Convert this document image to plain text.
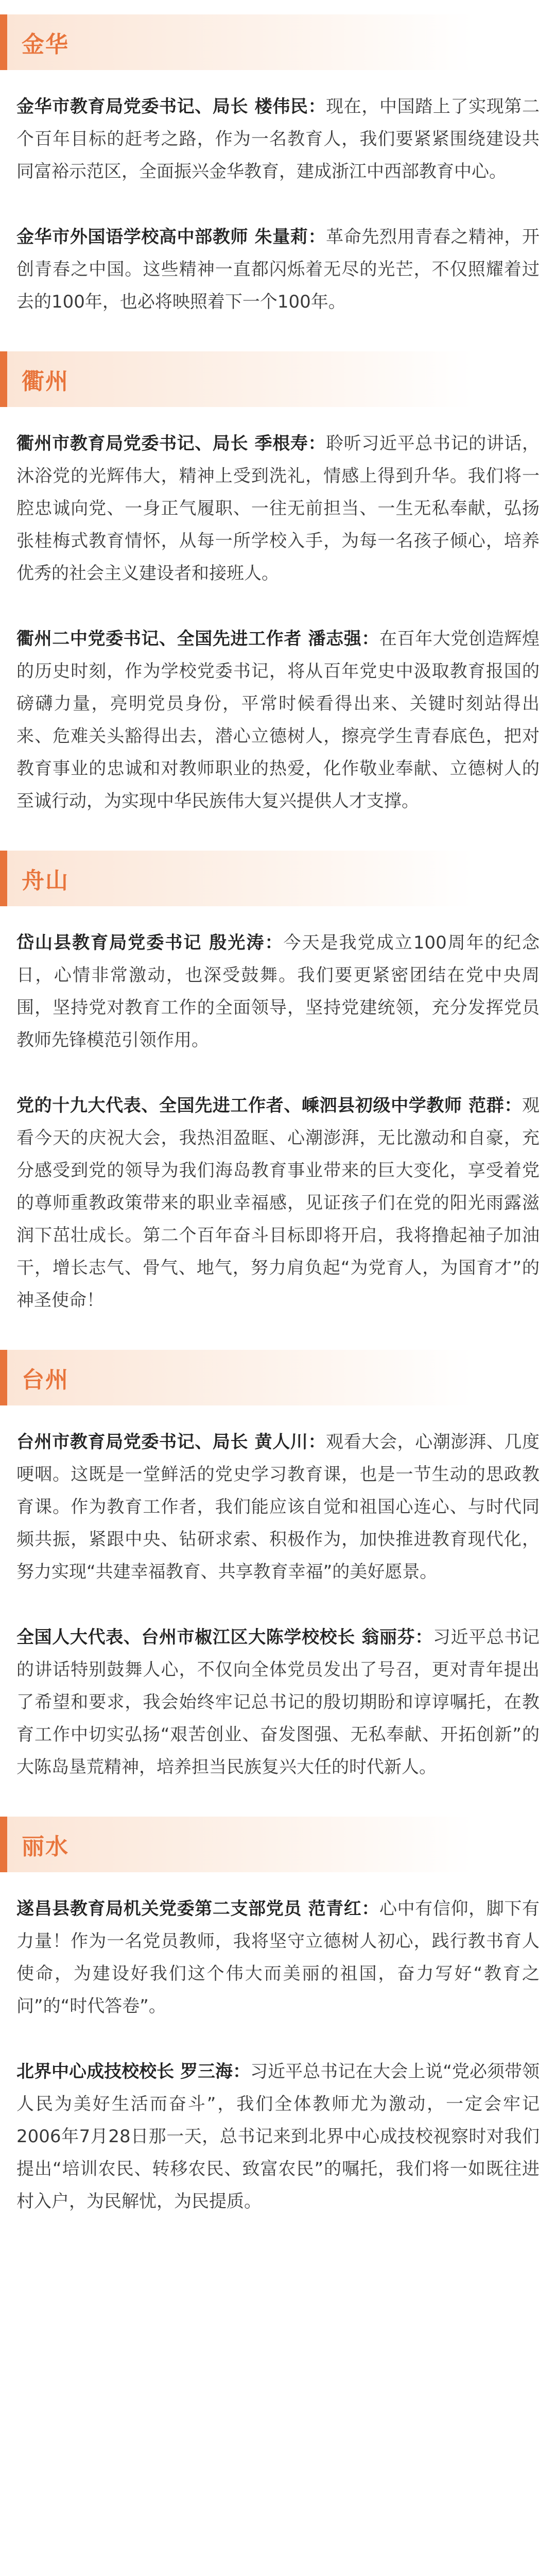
金华

金华市教育局党委书记、局长 楼伟民：现在，中国踏上了实现第二个百年目标的赶考之路，作为一名教育人，我们要紧紧围绕建设共同富裕示范区，全面振兴金华教育，建成浙江中西部教育中心。

金华市外国语学校高中部教师 朱量莉：革命先烈用青春之精神，开创青春之中国。这些精神一直都闪烁着无尽的光芒，不仅照耀着过去的100年，也必将映照着下一个100年。

衢州

衢州市教育局党委书记、局长 季根寿：聆听习近平总书记的讲话，沐浴党的光辉伟大，精神上受到洗礼，情感上得到升华。我们将一腔忠诚向党、一身正气履职、一往无前担当、一生无私奉献，弘扬张桂梅式教育情怀，从每一所学校入手，为每一名孩子倾心，培养优秀的社会主义建设者和接班人。

衢州二中党委书记、全国先进工作者 潘志强：在百年大党创造辉煌的历史时刻，作为学校党委书记，将从百年党史中汲取教育报国的磅礴力量，亮明党员身份，平常时候看得出来、关键时刻站得出来、危难关头豁得出去，潜心立德树人，擦亮学生青春底色，把对教育事业的忠诚和对教师职业的热爱，化作敬业奉献、立德树人的至诚行动，为实现中华民族伟大复兴提供人才支撑。

舟山

岱山县教育局党委书记 殷光涛：今天是我党成立100周年的纪念日，心情非常激动，也深受鼓舞。我们要更紧密团结在党中央周围，坚持党对教育工作的全面领导，坚持党建统领，充分发挥党员教师先锋模范引领作用。

党的十九大代表、全国先进工作者、嵊泗县初级中学教师 范群：观看今天的庆祝大会，我热泪盈眶、心潮澎湃，无比激动和自豪，充分感受到党的领导为我们海岛教育事业带来的巨大变化，享受着党的尊师重教政策带来的职业幸福感，见证孩子们在党的阳光雨露滋润下茁壮成长。第二个百年奋斗目标即将开启，我将撸起袖子加油干，增长志气、骨气、地气，努力肩负起“为党育人，为国育才”的神圣使命！

台州

台州市教育局党委书记、局长 黄人川：观看大会，心潮澎湃、几度哽咽。这既是一堂鲜活的党史学习教育课，也是一节生动的思政教育课。作为教育工作者，我们能应该自觉和祖国心连心、与时代同频共振，紧跟中央、钻研求索、积极作为，加快推进教育现代化，努力实现“共建幸福教育、共享教育幸福”的美好愿景。

全国人大代表、台州市椒江区大陈学校校长 翁丽芬：习近平总书记的讲话特别鼓舞人心，不仅向全体党员发出了号召，更对青年提出了希望和要求，我会始终牢记总书记的殷切期盼和谆谆嘱托，在教育工作中切实弘扬“艰苦创业、奋发图强、无私奉献、开拓创新”的大陈岛垦荒精神，培养担当民族复兴大任的时代新人。

丽水

遂昌县教育局机关党委第二支部党员 范青红：心中有信仰，脚下有力量！作为一名党员教师，我将坚守立德树人初心，践行教书育人使命，为建设好我们这个伟大而美丽的祖国，奋力写好“教育之问”的“时代答卷”。

北界中心成技校校长 罗三海：习近平总书记在大会上说“党必须带领人民为美好生活而奋斗”，我们全体教师尤为激动，一定会牢记2006年7月28日那一天，总书记来到北界中心成技校视察时对我们提出“培训农民、转移农民、致富农民”的嘱托，我们将一如既往进村入户，为民解忧，为民提质。
